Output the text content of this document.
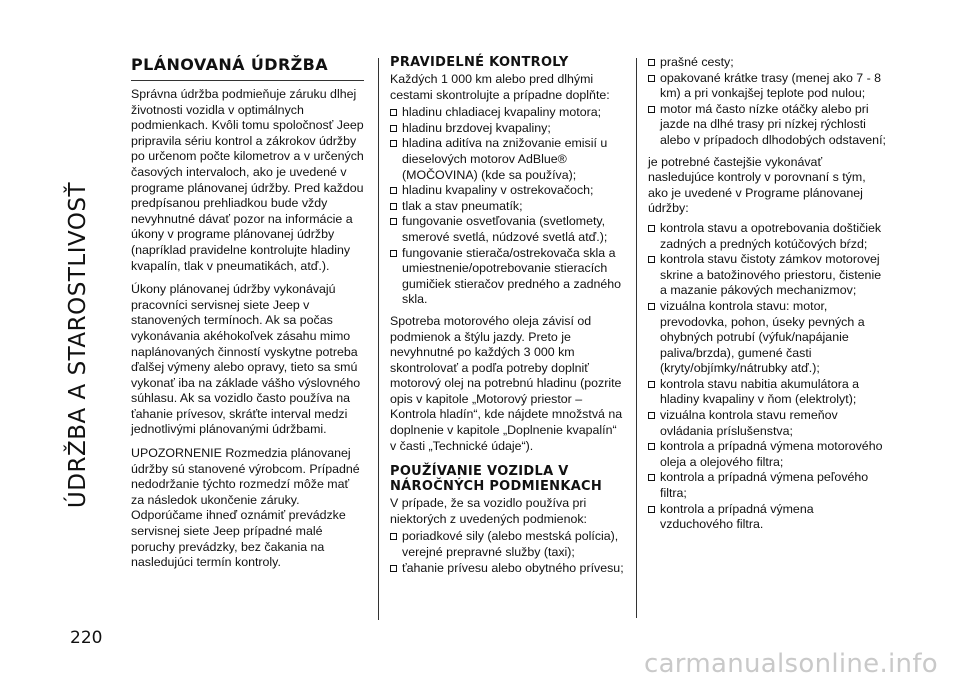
ÚDRŽBA A STAROSTLIVOSŤ
PLÁNOVANÁ ÚDRŽBA

Správna údržba podmieňuje záruku dlhej životnosti vozidla v optimálnych podmienkach. Kvôli tomu spoločnosť Jeep pripravila sériu kontrol a zákrokov údržby po určenom počte kilometrov a v určených časových intervaloch, ako je uvedené v programe plánovanej údržby. Pred každou predpísanou prehliadkou bude vždy nevyhnutné dávať pozor na informácie a úkony v programe plánovanej údržby (napríklad pravidelne kontrolujte hladiny kvapalín, tlak v pneumatikách, atď.).

Úkony plánovanej údržby vykonávajú pracovníci servisnej siete Jeep v stanovených termínoch. Ak sa počas vykonávania akéhokoľvek zásahu mimo naplánovaných činností vyskytne potreba ďalšej výmeny alebo opravy, tieto sa smú vykonať iba na základe vášho výslovného súhlasu. Ak sa vozidlo často používa na ťahanie prívesov, skráťte interval medzi jednotlivými plánovanými údržbami.

UPOZORNENIE Rozmedzia plánovanej údržby sú stanovené výrobcom. Prípadné nedodržanie týchto rozmedzí môže mať za následok ukončenie záruky. Odporúčame ihneď oznámiť prevádzke servisnej siete Jeep prípadné malé poruchy prevádzky, bez čakania na nasledujúci termín kontroly.

PRAVIDELNÉ KONTROLY

Každých 1 000 km alebo pred dlhými cestami skontrolujte a prípadne doplňte:

hladinu chladiacej kvapaliny motora;
hladinu brzdovej kvapaliny;
hladina aditíva na znižovanie emisií u dieselových motorov AdBlue® (MOČOVINA) (kde sa používa);
hladinu kvapaliny v ostrekovačoch;
tlak a stav pneumatík;
fungovanie osvetľovania (svetlomety, smerové svetlá, núdzové svetlá atď.);
fungovanie stierača/ostrekovača skla a umiestnenie/opotrebovanie stieracích gumičiek stieračov predného a zadného skla.

Spotreba motorového oleja závisí od podmienok a štýlu jazdy. Preto je nevyhnutné po každých 3 000 km skontrolovať a podľa potreby doplniť motorový olej na potrebnú hladinu (pozrite opis v kapitole „Motorový priestor – Kontrola hladín“, kde nájdete množstvá na doplnenie v kapitole „Doplnenie kvapalín“ v časti „Technické údaje“).

POUŽÍVANIE VOZIDLA V NÁROČNÝCH PODMIENKACH

V prípade, že sa vozidlo používa pri niektorých z uvedených podmienok:

poriadkové sily (alebo mestská polícia), verejné prepravné služby (taxi);
ťahanie prívesu alebo obytného prívesu;
prašné cesty;
opakované krátke trasy (menej ako 7 - 8 km) a pri vonkajšej teplote pod nulou;
motor má často nízke otáčky alebo pri jazde na dlhé trasy pri nízkej rýchlosti alebo v prípadoch dlhodobých odstavení;

je potrebné častejšie vykonávať nasledujúce kontroly v porovnaní s tým, ako je uvedené v Programe plánovanej údržby:

kontrola stavu a opotrebovania doštičiek zadných a predných kotúčových bŕzd;
kontrola stavu čistoty zámkov motorovej skrine a batožinového priestoru, čistenie a mazanie pákových mechanizmov;
vizuálna kontrola stavu: motor, prevodovka, pohon, úseky pevných a ohybných potrubí (výfuk/napájanie paliva/brzda), gumené časti (kryty/objímky/nátrubky atď.);
kontrola stavu nabitia akumulátora a hladiny kvapaliny v ňom (elektrolyt);
vizuálna kontrola stavu remeňov ovládania príslušenstva;
kontrola a prípadná výmena motorového oleja a olejového filtra;
kontrola a prípadná výmena peľového filtra;
kontrola a prípadná výmena vzduchového filtra.
220
carmanualsonline.info
